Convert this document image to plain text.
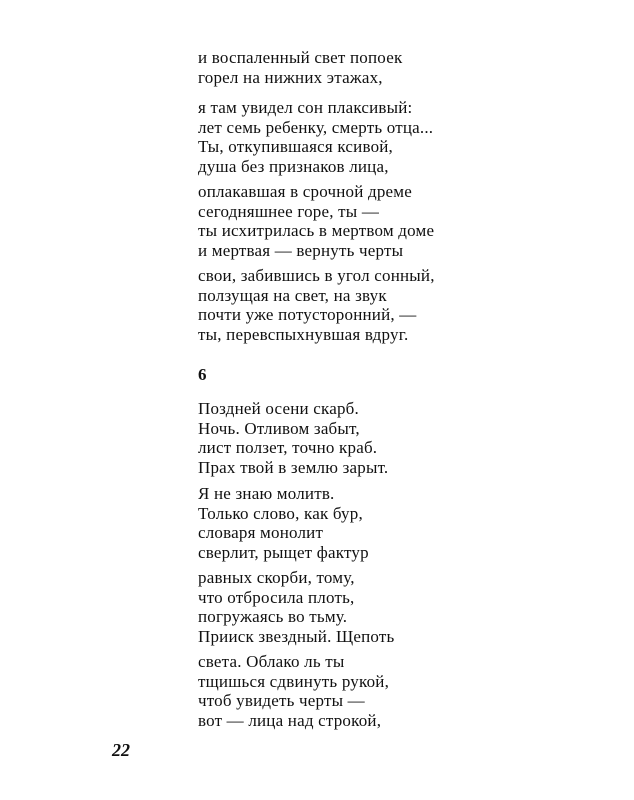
и воспаленный свет попоек
горел на нижних этажах,
я там увидел сон плаксивый:
лет семь ребенку, смерть отца...
Ты, откупившаяся ксивой,
душа без признаков лица,
оплакавшая в срочной дреме
сегодняшнее горе, ты —
ты исхитрилась в мертвом доме
и мертвая — вернуть черты
свои, забившись в угол сонный,
ползущая на свет, на звук
почти уже потусторонний, —
ты, перевспыхнувшая вдруг.
6
Поздней осени скарб.
Ночь. Отливом забыт,
лист ползет, точно краб.
Прах твой в землю зарыт.
Я не знаю молитв.
Только слово, как бур,
словаря монолит
сверлит, рыщет фактур
равных скорби, тому,
что отбросила плоть,
погружаясь во тьму.
Прииск звездный. Щепоть
света. Облако ль ты
тщишься сдвинуть рукой,
чтоб увидеть черты —
вот — лица над строкой,
22
